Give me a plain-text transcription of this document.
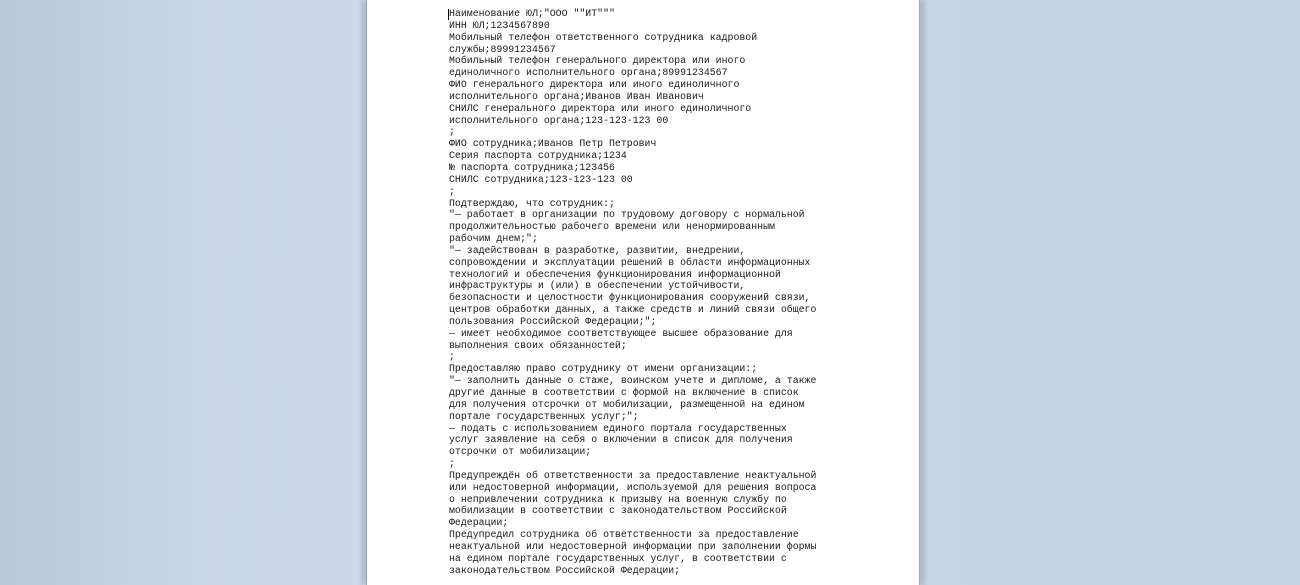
Наименование ЮЛ;"ООО ""ИТ"""
ИНН ЮЛ;1234567890
Мобильный телефон ответственного сотрудника кадровой
службы;89991234567
Мобильный телефон генерального директора или иного
единоличного исполнительного органа;89991234567
ФИО генерального директора или иного единоличного
исполнительного органа;Иванов Иван Иванович
СНИЛС генерального директора или иного единоличного
исполнительного органа;123-123-123 00
;
ФИО сотрудника;Иванов Петр Петрович
Серия паспорта сотрудника;1234
№ паспорта сотрудника;123456
СНИЛС сотрудника;123-123-123 00
;
Подтверждаю, что сотрудник:;
"— работает в организации по трудовому договору с нормальной
продолжительностью рабочего времени или ненормированным
рабочим днем;";
"— задействован в разработке, развитии, внедрении,
сопровождении и эксплуатации решений в области информационных
технологий и обеспечения функционирования информационной
инфраструктуры и (или) в обеспечении устойчивости,
безопасности и целостности функционирования сооружений связи,
центров обработки данных, а также средств и линий связи общего
пользования Российской Федерации;";
— имеет необходимое соответствующее высшее образование для
выполнения своих обязанностей;
;
Предоставляю право сотруднику от имени организации:;
"— заполнить данные о стаже, воинском учете и дипломе, а также
другие данные в соответствии с формой на включение в список
для получения отсрочки от мобилизации, размещенной на едином
портале государственных услуг;";
— подать с использованием единого портала государственных
услуг заявление на себя о включении в список для получения
отсрочки от мобилизации;
;
Предупреждён об ответственности за предоставление неактуальной
или недостоверной информации, используемой для решения вопроса
о непривлечении сотрудника к призыву на военную службу по
мобилизации в соответствии с законодательством Российской
Федерации;
Предупредил сотрудника об ответственности за предоставление
неактуальной или недостоверной информации при заполнении формы
на едином портале государственных услуг, в соответствии с
законодательством Российской Федерации;
